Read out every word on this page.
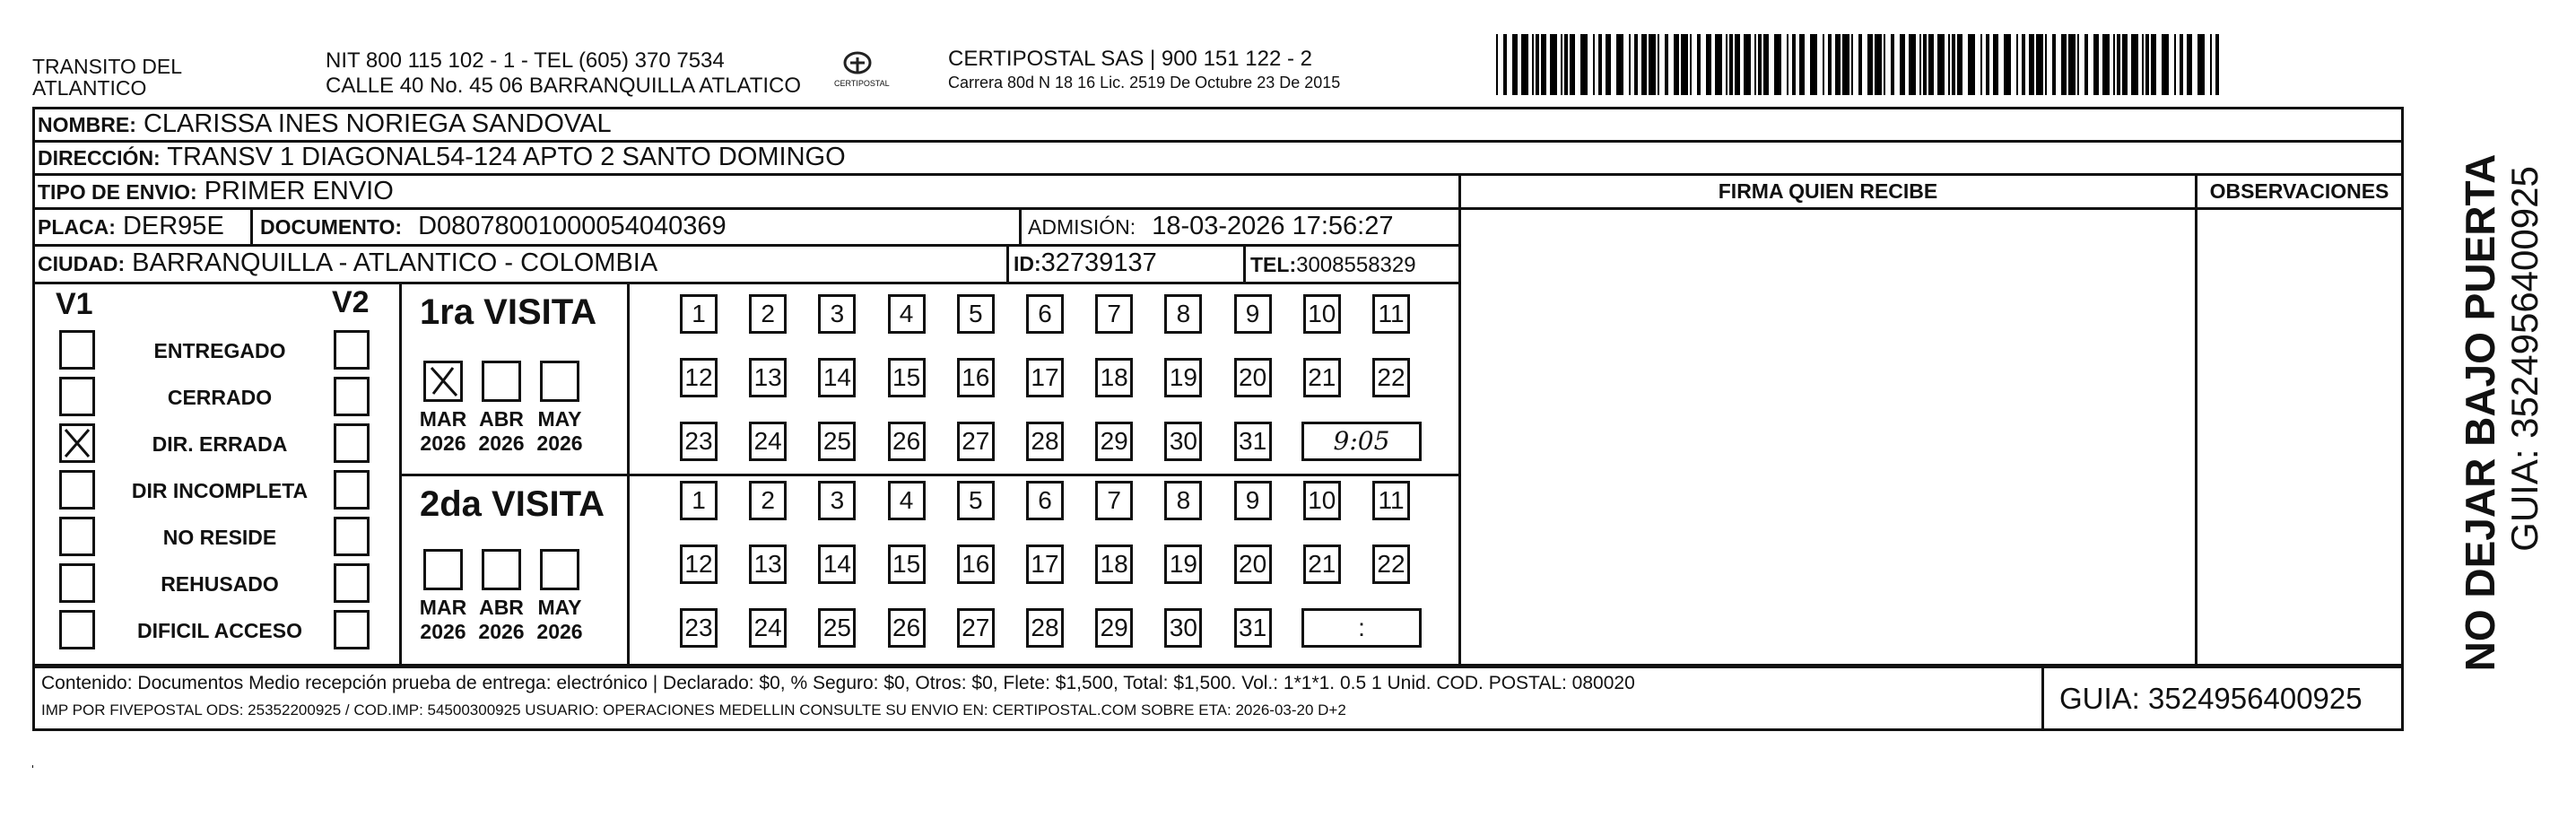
TRANSITO DEL
ATLANTICO
NIT 800 115 102 - 1 - TEL (605) 370 7534
CALLE 40 No. 45 06 BARRANQUILLA ATLATICO	CERTIPOSTAL
CERTIPOSTAL SAS | 900 151 122 - 2
Carrera 80d N 18 16 Lic. 2519 De Octubre 23 De 2015
NOMBRE: CLARISSA INES NORIEGA SANDOVAL
DIRECCIÓN: TRANSV 1 DIAGONAL54-124 APTO 2 SANTO DOMINGO
TIPO DE ENVIO: PRIMER ENVIO
PLACA: DER95E DOCUMENTO: D08078001000054040369	ADMISIÓN: 18-03-2026 17:56:27
CIUDAD: BARRANQUILLA - ATLANTICO - COLOMBIA	ID:32739137	TEL:3008558329
FIRMA QUIEN RECIBE	OBSERVACIONES
V1	V2
ENTREGADO
CERRADO
DIR. ERRADA
DIR INCOMPLETA
NO RESIDE
REHUSADO
DIFICIL ACCESO
1ra VISITA
2da VISITA
MAR
2026
ABR
2026
MAY
2026
MAR
2026
ABR
2026
MAY
2026
1	2	3	4	5	6	7	8	9	10 11
12 13 14 15 16 17 18 19 20 21 22
23 24 25 26 27 28 29 30 31
1	2	3	4	5	6	7	8	9	10 11
12 13 14 15 16 17 18 19 20 21 22
23 24 25 26 27 28 29 30 31
9:05
:
Contenido: Documentos Medio recepción prueba de entrega: electrónico | Declarado: $0, % Seguro: $0, Otros: $0, Flete: $1,500, Total: $1,500. Vol.: 1*1*1. 0.5 1 Unid. COD. POSTAL: 080020
IMP POR FIVEPOSTAL ODS: 25352200925 / COD.IMP: 54500300925 USUARIO: OPERACIONES MEDELLIN CONSULTE SU ENVIO EN: CERTIPOSTAL.COM SOBRE ETA: 2026-03-20 D+2	GUIA: 3524956400925
NO DEJAR BAJO PUERTA GUIA: 3524956400925
